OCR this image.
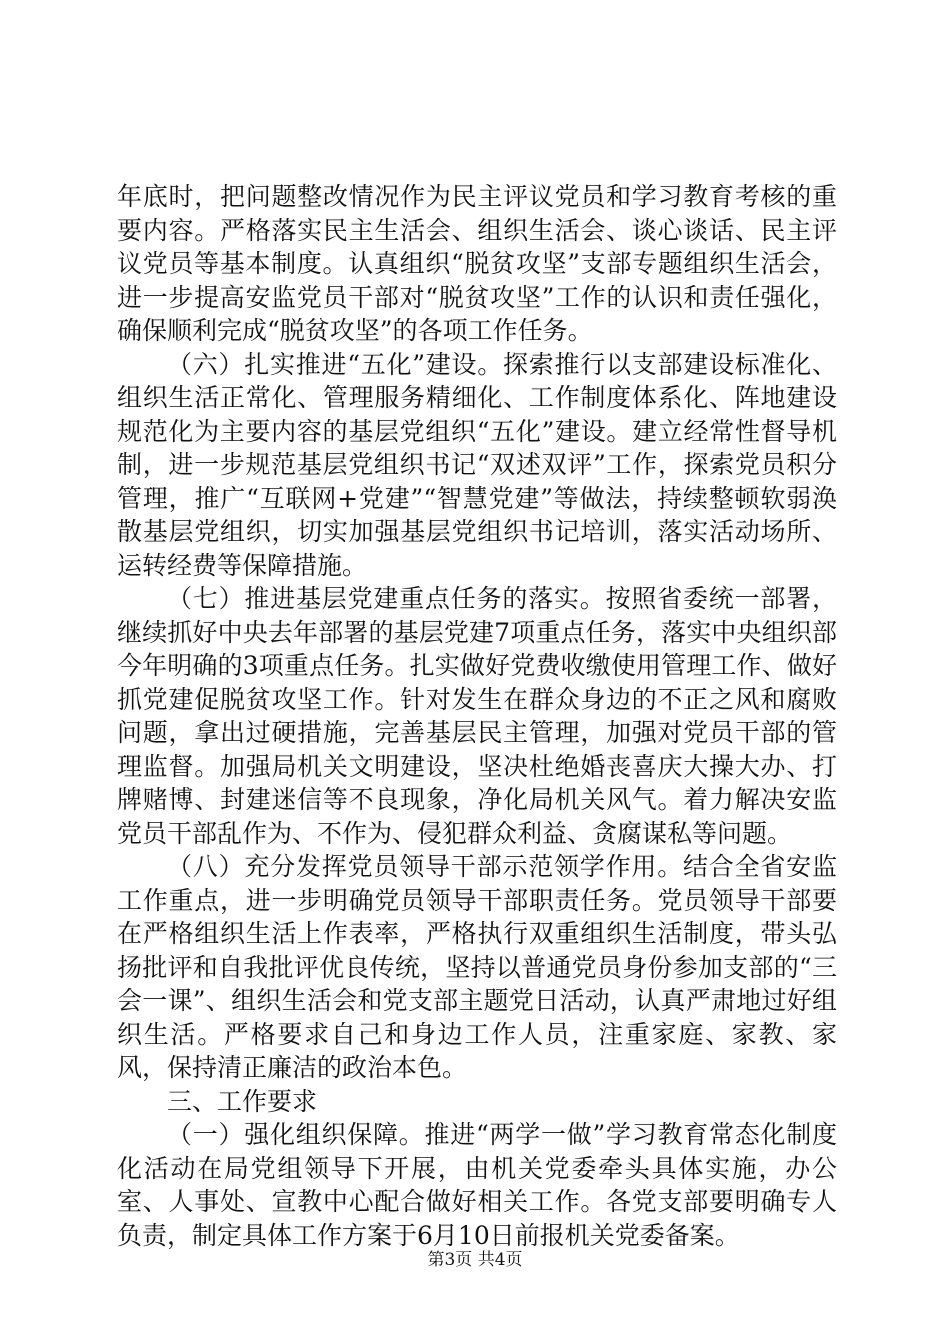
年底时，把问题整改情况作为民主评议党员和学习教育考核的重要内容。严格落实民主生活会、组织生活会、谈心谈话、民主评议党员等基本制度。认真组织“脱贫攻坚”支部专题组织生活会，进一步提高安监党员干部对“脱贫攻坚”工作的认识和责任强化，确保顺利完成“脱贫攻坚”的各项工作任务。

（六）扎实推进“五化”建设。探索推行以支部建设标准化、组织生活正常化、管理服务精细化、工作制度体系化、阵地建设规范化为主要内容的基层党组织“五化”建设。建立经常性督导机制，进一步规范基层党组织书记“双述双评”工作，探索党员积分管理，推广“互联网+党建”“智慧党建”等做法，持续整顿软弱涣散基层党组织，切实加强基层党组织书记培训，落实活动场所、运转经费等保障措施。

（七）推进基层党建重点任务的落实。按照省委统一部署，继续抓好中央去年部署的基层党建7项重点任务，落实中央组织部今年明确的3项重点任务。扎实做好党费收缴使用管理工作、做好抓党建促脱贫攻坚工作。针对发生在群众身边的不正之风和腐败问题，拿出过硬措施，完善基层民主管理，加强对党员干部的管理监督。加强局机关文明建设，坚决杜绝婚丧喜庆大操大办、打牌赌博、封建迷信等不良现象，净化局机关风气。着力解决安监党员干部乱作为、不作为、侵犯群众利益、贪腐谋私等问题。

（八）充分发挥党员领导干部示范领学作用。结合全省安监工作重点，进一步明确党员领导干部职责任务。党员领导干部要在严格组织生活上作表率，严格执行双重组织生活制度，带头弘扬批评和自我批评优良传统，坚持以普通党员身份参加支部的“三会一课”、组织生活会和党支部主题党日活动，认真严肃地过好组织生活。严格要求自己和身边工作人员，注重家庭、家教、家风，保持清正廉洁的政治本色。

三、工作要求

（一）强化组织保障。推进“两学一做”学习教育常态化制度化活动在局党组领导下开展，由机关党委牵头具体实施，办公室、人事处、宣教中心配合做好相关工作。各党支部要明确专人负责，制定具体工作方案于6月10日前报机关党委备案。

第3页 共4页
